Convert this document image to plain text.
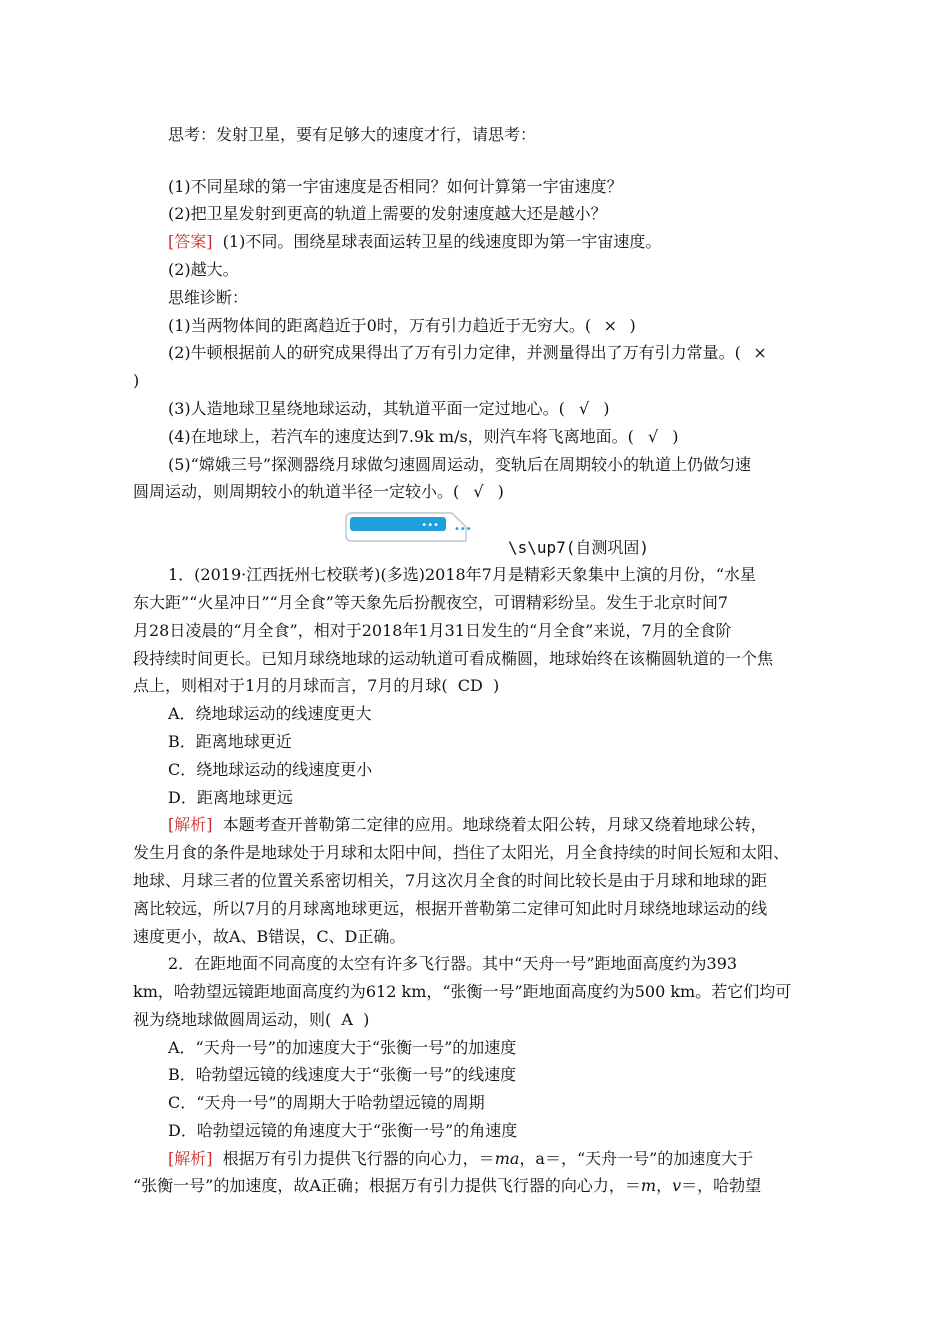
思考：发射卫星，要有足够大的速度才行，请思考：
(1)不同星球的第一宇宙速度是否相同？如何计算第一宇宙速度？
(2)把卫星发射到更高的轨道上需要的发射速度越大还是越小？
[答案] (1)不同。围绕星球表面运转卫星的线速度即为第一宇宙速度。
(2)越大。
思维诊断：
(1)当两物体间的距离趋近于0时，万有引力趋近于无穷大。( × )
(2)牛顿根据前人的研究成果得出了万有引力定律，并测量得出了万有引力常量。( ×
)
(3)人造地球卫星绕地球运动，其轨道平面一定过地心。( √ )
(4)在地球上，若汽车的速度达到7.9k m/s，则汽车将飞离地面。( √ )
(5)“嫦娥三号”探测器绕月球做匀速圆周运动，变轨后在周期较小的轨道上仍做匀速
圆周运动，则周期较小的轨道半径一定较小。( √ )
••• •••
\s\up7(自测巩固)
1．(2019·江西抚州七校联考)(多选)2018年7月是精彩天象集中上演的月份，“水星
东大距”“火星冲日”“月全食”等天象先后扮靓夜空，可谓精彩纷呈。发生于北京时间7
月28日凌晨的“月全食”，相对于2018年1月31日发生的“月全食”来说，7月的全食阶
段持续时间更长。已知月球绕地球的运动轨道可看成椭圆，地球始终在该椭圆轨道的一个焦
点上，则相对于1月的月球而言，7月的月球( CD )
A．绕地球运动的线速度更大
B．距离地球更近
C．绕地球运动的线速度更小
D．距离地球更远
[解析] 本题考查开普勒第二定律的应用。地球绕着太阳公转，月球又绕着地球公转，
发生月食的条件是地球处于月球和太阳中间，挡住了太阳光，月全食持续的时间长短和太阳、
地球、月球三者的位置关系密切相关，7月这次月全食的时间比较长是由于月球和地球的距
离比较远，所以7月的月球离地球更远，根据开普勒第二定律可知此时月球绕地球运动的线
速度更小，故A、B错误，C、D正确。
2．在距地面不同高度的太空有许多飞行器。其中“天舟一号”距地面高度约为393
km，哈勃望远镜距地面高度约为612 km，“张衡一号”距地面高度约为500 km。若它们均可
视为绕地球做圆周运动，则( A )
A．“天舟一号”的加速度大于“张衡一号”的加速度
B．哈勃望远镜的线速度大于“张衡一号”的线速度
C．“天舟一号”的周期大于哈勃望远镜的周期
D．哈勃望远镜的角速度大于“张衡一号”的角速度
[解析] 根据万有引力提供飞行器的向心力，＝ma，a＝，“天舟一号”的加速度大于
“张衡一号”的加速度，故A正确；根据万有引力提供飞行器的向心力，＝m，v＝，哈勃望
